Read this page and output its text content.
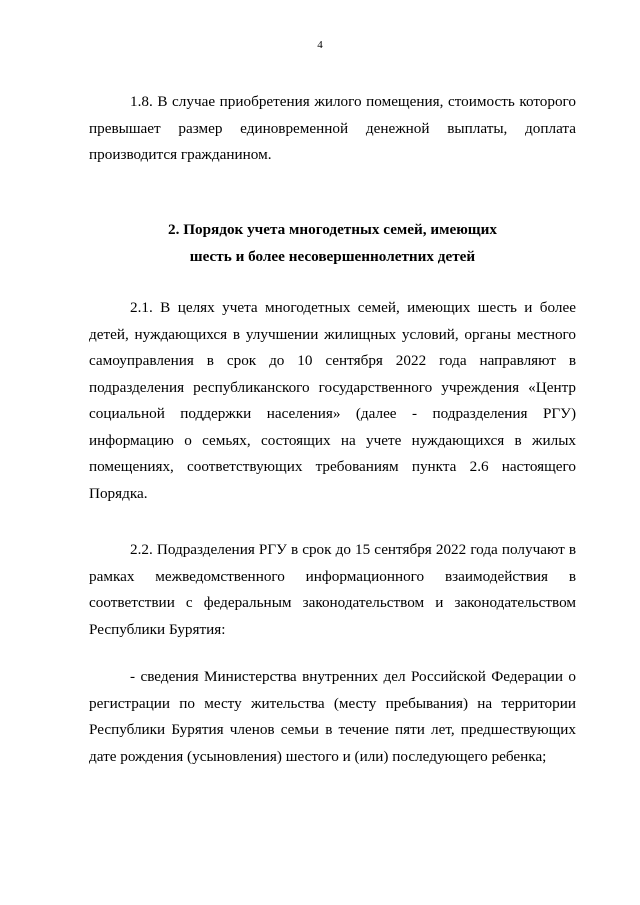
4

1.8. В случае приобретения жилого помещения, стоимость которого превышает размер единовременной денежной выплаты, доплата производится гражданином.

2. Порядок учета многодетных семей, имеющих
шесть и более несовершеннолетних детей

2.1. В целях учета многодетных семей, имеющих шесть и более детей, нуждающихся в улучшении жилищных условий, органы местного самоуправления в срок до 10 сентября 2022 года направляют в подразделения республиканского государственного учреждения «Центр социальной поддержки населения» (далее - подразделения РГУ) информацию о семьях, состоящих на учете нуждающихся в жилых помещениях, соответствующих требованиям пункта 2.6 настоящего Порядка.

2.2. Подразделения РГУ в срок до 15 сентября 2022 года получают в рамках межведомственного информационного взаимодействия в соответствии с федеральным законодательством и законодательством Республики Бурятия:

- сведения Министерства внутренних дел Российской Федерации о регистрации по месту жительства (месту пребывания) на территории Республики Бурятия членов семьи в течение пяти лет, предшествующих дате рождения (усыновления) шестого и (или) последующего ребенка;
